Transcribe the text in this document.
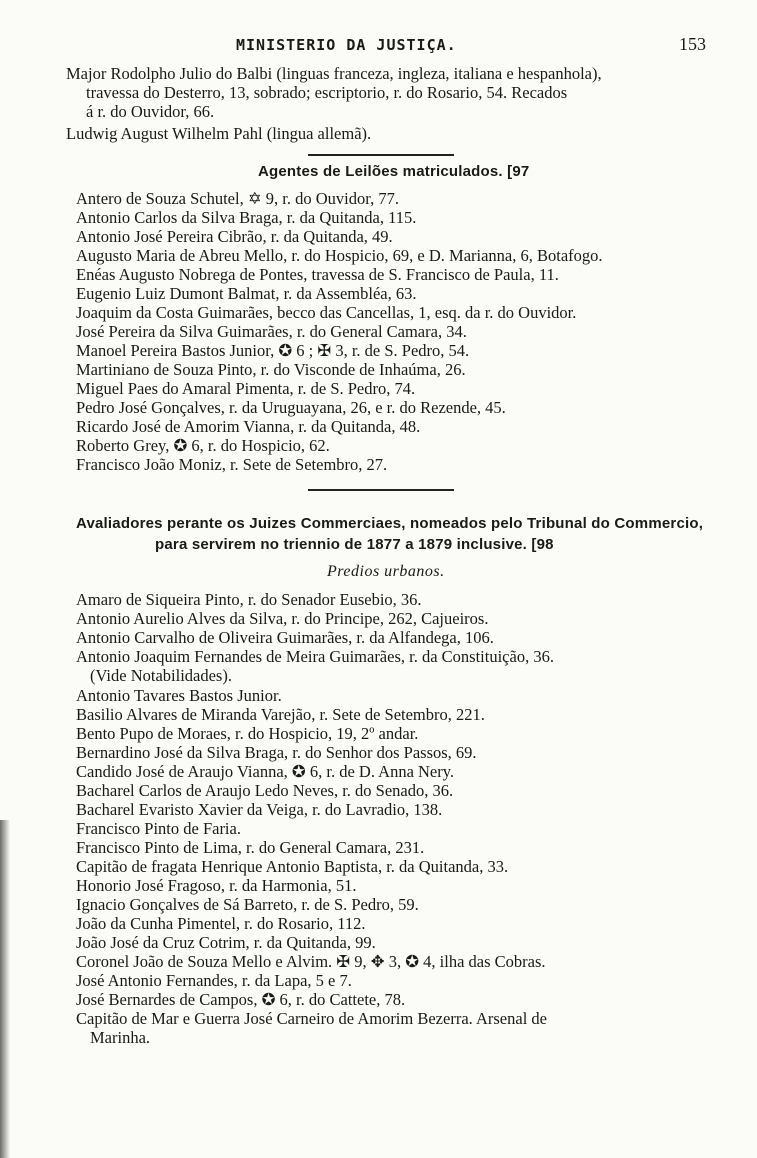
MINISTERIO DA JUSTIÇA.	153
Major Rodolpho Julio do Balbi (linguas franceza, ingleza, italiana e hespanhola),
travessa do Desterro, 13, sobrado; escriptorio, r. do Rosario, 54. Recados
á r. do Ouvidor, 66.
Ludwig August Wilhelm Pahl (lingua allemã).
Agentes de Leilões matriculados. [97
Antero de Souza Schutel, ✡ 9, r. do Ouvidor, 77.
Antonio Carlos da Silva Braga, r. da Quitanda, 115.
Antonio José Pereira Cibrão, r. da Quitanda, 49.
Augusto Maria de Abreu Mello, r. do Hospicio, 69, e D. Marianna, 6, Botafogo.
Enéas Augusto Nobrega de Pontes, travessa de S. Francisco de Paula, 11.
Eugenio Luiz Dumont Balmat, r. da Assembléa, 63.
Joaquim da Costa Guimarães, becco das Cancellas, 1, esq. da r. do Ouvidor.
José Pereira da Silva Guimarães, r. do General Camara, 34.
Manoel Pereira Bastos Junior, ✪ 6 ; ✠ 3, r. de S. Pedro, 54.
Martiniano de Souza Pinto, r. do Visconde de Inhaúma, 26.
Miguel Paes do Amaral Pimenta, r. de S. Pedro, 74.
Pedro José Gonçalves, r. da Uruguayana, 26, e r. do Rezende, 45.
Ricardo José de Amorim Vianna, r. da Quitanda, 48.
Roberto Grey, ✪ 6, r. do Hospicio, 62.
Francisco João Moniz, r. Sete de Setembro, 27.
Avaliadores perante os Juizes Commerciaes, nomeados pelo Tribunal do Commercio,
para servirem no triennio de 1877 a 1879 inclusive. [98
Predios urbanos.
Amaro de Siqueira Pinto, r. do Senador Eusebio, 36.
Antonio Aurelio Alves da Silva, r. do Principe, 262, Cajueiros.
Antonio Carvalho de Oliveira Guimarães, r. da Alfandega, 106.
Antonio Joaquim Fernandes de Meira Guimarães, r. da Constituição, 36.
(Vide Notabilidades).
Antonio Tavares Bastos Junior.
Basilio Alvares de Miranda Varejão, r. Sete de Setembro, 221.
Bento Pupo de Moraes, r. do Hospicio, 19, 2º andar.
Bernardino José da Silva Braga, r. do Senhor dos Passos, 69.
Candido José de Araujo Vianna, ✪ 6, r. de D. Anna Nery.
Bacharel Carlos de Araujo Ledo Neves, r. do Senado, 36.
Bacharel Evaristo Xavier da Veiga, r. do Lavradio, 138.
Francisco Pinto de Faria.
Francisco Pinto de Lima, r. do General Camara, 231.
Capitão de fragata Henrique Antonio Baptista, r. da Quitanda, 33.
Honorio José Fragoso, r. da Harmonia, 51.
Ignacio Gonçalves de Sá Barreto, r. de S. Pedro, 59.
João da Cunha Pimentel, r. do Rosario, 112.
João José da Cruz Cotrim, r. da Quitanda, 99.
Coronel João de Souza Mello e Alvim. ✠ 9, ✥ 3, ✪ 4, ilha das Cobras.
José Antonio Fernandes, r. da Lapa, 5 e 7.
José Bernardes de Campos, ✪ 6, r. do Cattete, 78.
Capitão de Mar e Guerra José Carneiro de Amorim Bezerra. Arsenal de
Marinha.
